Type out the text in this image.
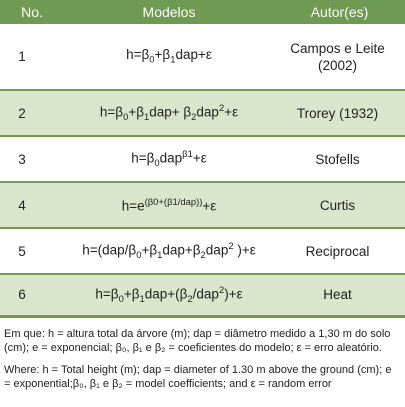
No.	Modelos	Autor(es)
1	$h=\beta_0+\beta_1dap+\varepsilon$	Campos e Leite
(2002)
2	$h=\beta_0+\beta_1dap+ \beta_2dap^2+\varepsilon$	Trorey (1932)
3	$h=\beta_0dap^{\beta 1}+\varepsilon$	Stofells
4	$h=e^{(\beta 0+(\beta 1/dap))}+\varepsilon$	Curtis
5	$h=(dap/\beta_0+\beta_1dap+\beta_2dap^2$ )+ε	Reciprocal
6	$h=\beta_0+\beta_1dap+(\beta_2/dap^2)+\varepsilon$	Heat

Em que: h = altura total da árvore (m); dap = diâmetro medido a 1,30 m do solo (cm); e = exponencial; β₀, β₁ e β₂ = coeficientes do modelo; ε = erro aleatório.

Where: h = Total height (m); dap = diameter of 1.30 m above the ground (cm); e = exponential;β₀, β₁ e β₂ = model coefficients; and ε = random error
